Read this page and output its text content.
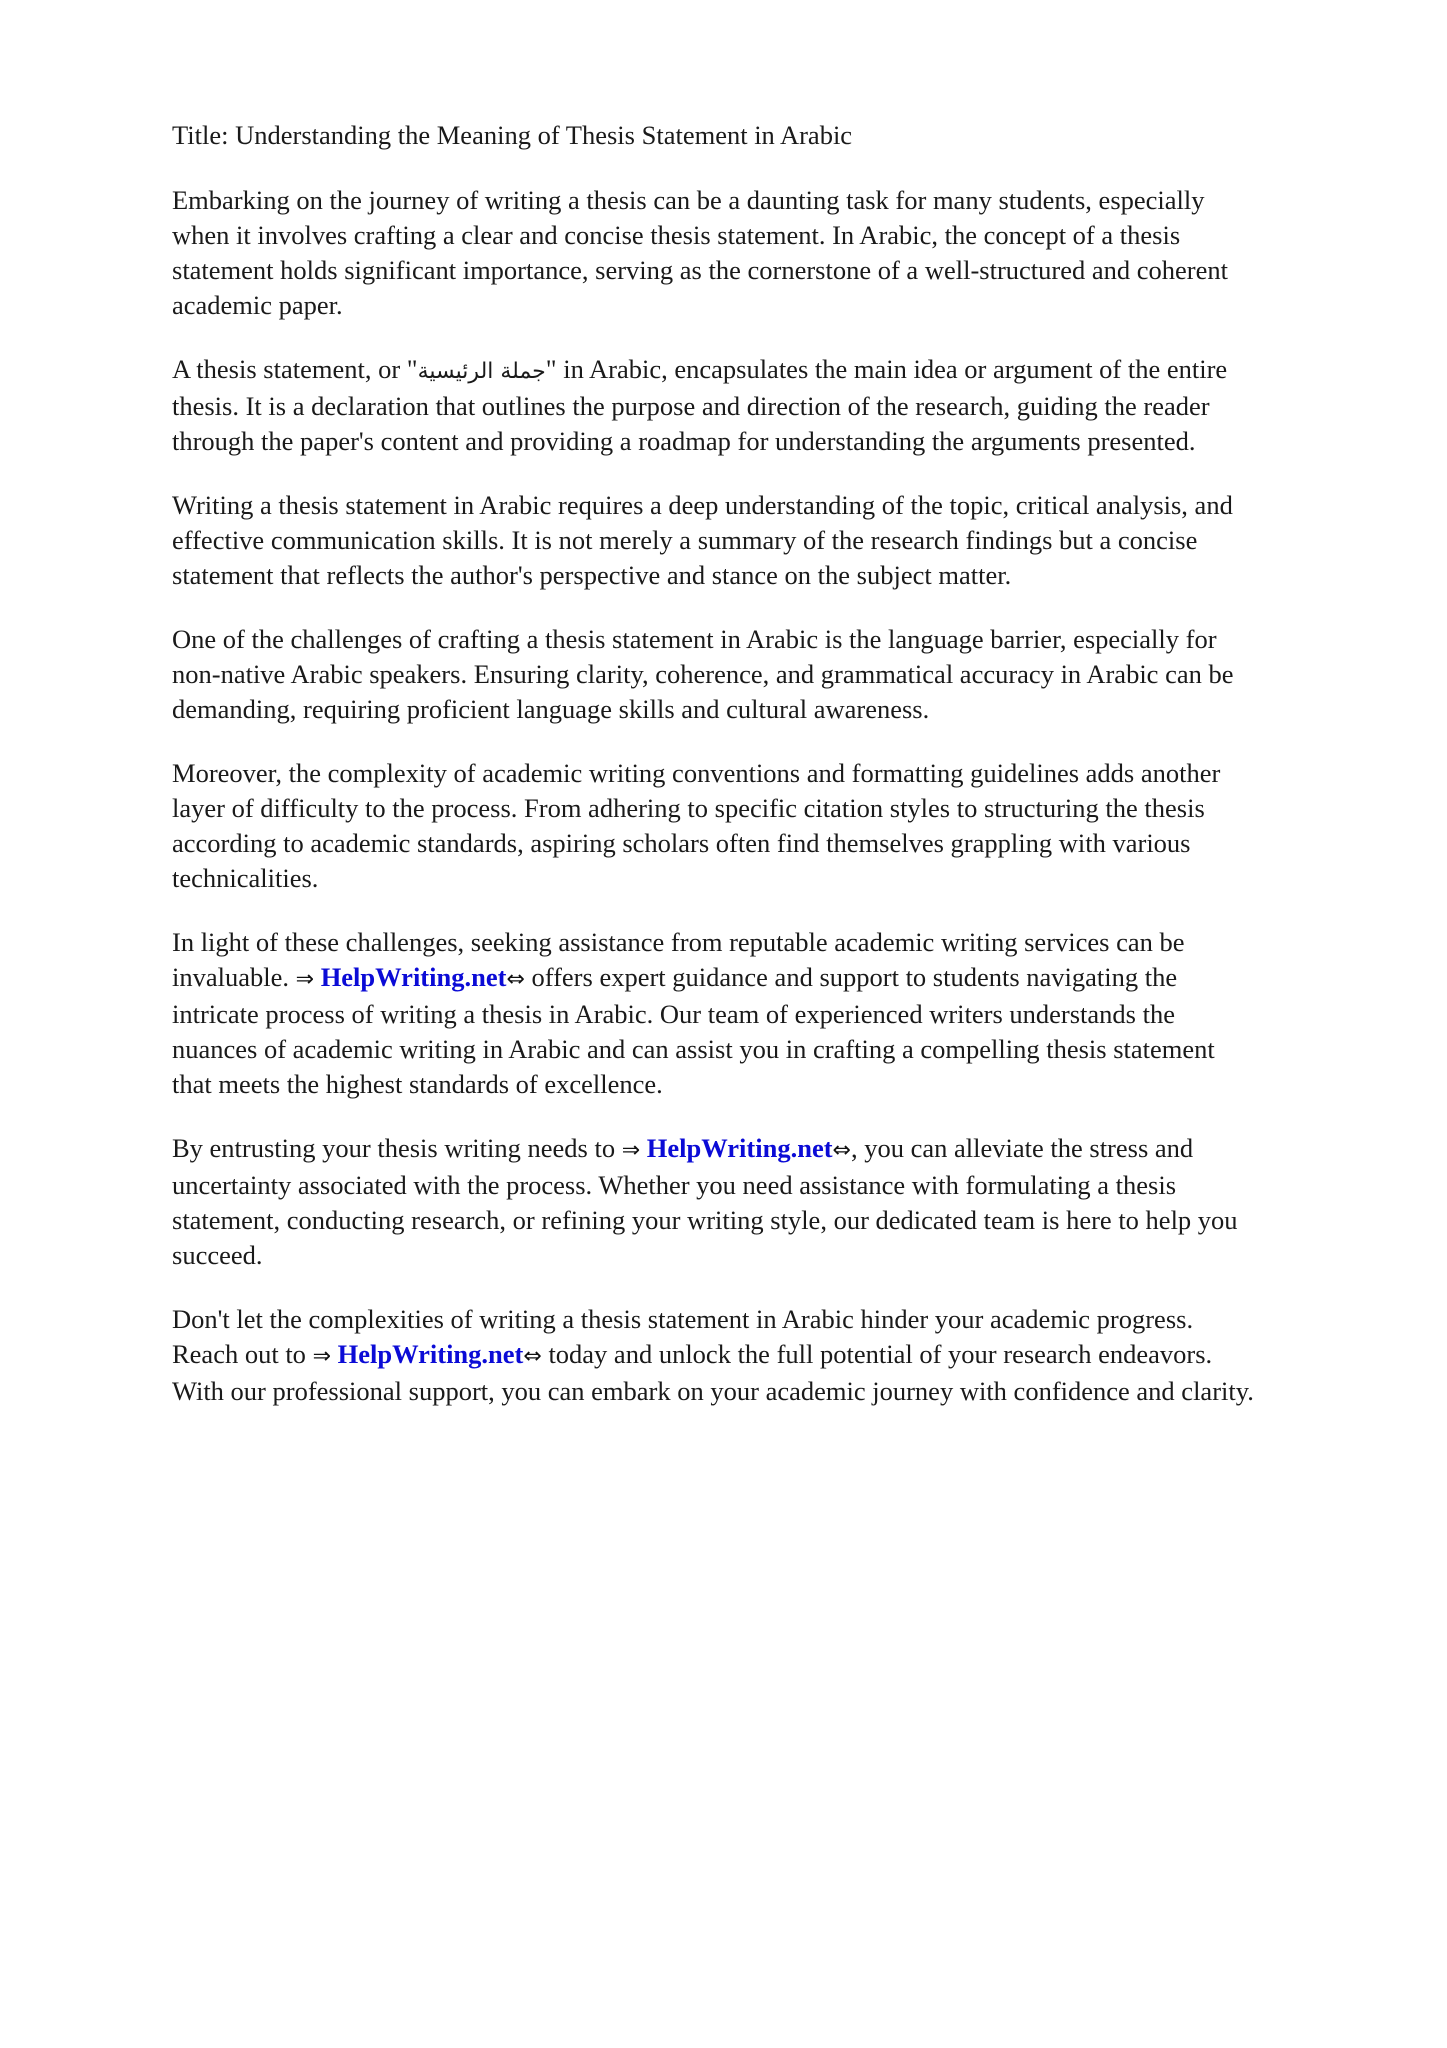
Title: Understanding the Meaning of Thesis Statement in Arabic

Embarking on the journey of writing a thesis can be a daunting task for many students, especially
when it involves crafting a clear and concise thesis statement. In Arabic, the concept of a thesis
statement holds significant importance, serving as the cornerstone of a well-structured and coherent
academic paper.

A thesis statement, or "جملة الرئيسية" in Arabic, encapsulates the main idea or argument of the entire
thesis. It is a declaration that outlines the purpose and direction of the research, guiding the reader
through the paper's content and providing a roadmap for understanding the arguments presented.

Writing a thesis statement in Arabic requires a deep understanding of the topic, critical analysis, and
effective communication skills. It is not merely a summary of the research findings but a concise
statement that reflects the author's perspective and stance on the subject matter.

One of the challenges of crafting a thesis statement in Arabic is the language barrier, especially for
non-native Arabic speakers. Ensuring clarity, coherence, and grammatical accuracy in Arabic can be
demanding, requiring proficient language skills and cultural awareness.

Moreover, the complexity of academic writing conventions and formatting guidelines adds another
layer of difficulty to the process. From adhering to specific citation styles to structuring the thesis
according to academic standards, aspiring scholars often find themselves grappling with various
technicalities.

In light of these challenges, seeking assistance from reputable academic writing services can be
invaluable. ⇒ HelpWriting.net⇔ offers expert guidance and support to students navigating the
intricate process of writing a thesis in Arabic. Our team of experienced writers understands the
nuances of academic writing in Arabic and can assist you in crafting a compelling thesis statement
that meets the highest standards of excellence.

By entrusting your thesis writing needs to ⇒ HelpWriting.net⇔, you can alleviate the stress and
uncertainty associated with the process. Whether you need assistance with formulating a thesis
statement, conducting research, or refining your writing style, our dedicated team is here to help you
succeed.

Don't let the complexities of writing a thesis statement in Arabic hinder your academic progress.
Reach out to ⇒ HelpWriting.net⇔ today and unlock the full potential of your research endeavors.
With our professional support, you can embark on your academic journey with confidence and clarity.
